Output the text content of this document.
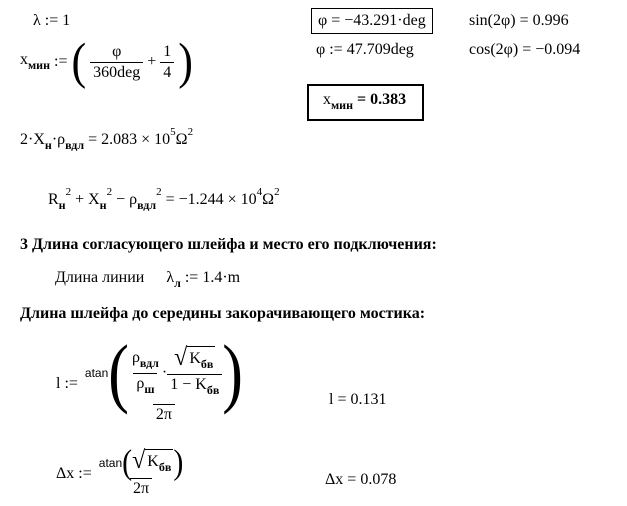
λ := 1	φ = −43.291·deg	sin(2φ) = 0.996
φ := 47.709deg	cos(2φ) = −0.094
$x_{мин}$ := ( $\frac{\varphi}{\text{360deg}} + \frac{1}{4}$ )
$x_{мин} = 0.383$
$2\cdot X_н\cdot\rho_{вдл} = 2.083 \times 10^5\Omega^2$
$R_н^2 + X_н^2 - \rho_{вдл}^2 = -1.244 \times 10^4\Omega^2$
3 Длина согласующего шлейфа и место его подключения:
Длина линии $\lambda_л$ := 1.4·m
Длина шлейфа до середины закорачивающего мостика:
l :=
atan ( $\frac{\rho_{вдл}}{\rho_ш} \cdot \frac{√ K_{бв}}{1 - K_{бв}}$ )
2π
l = 0.131
Δx := $\frac{atan ( √ K_{бв} )}{2\pi}$	Δx = 0.078
